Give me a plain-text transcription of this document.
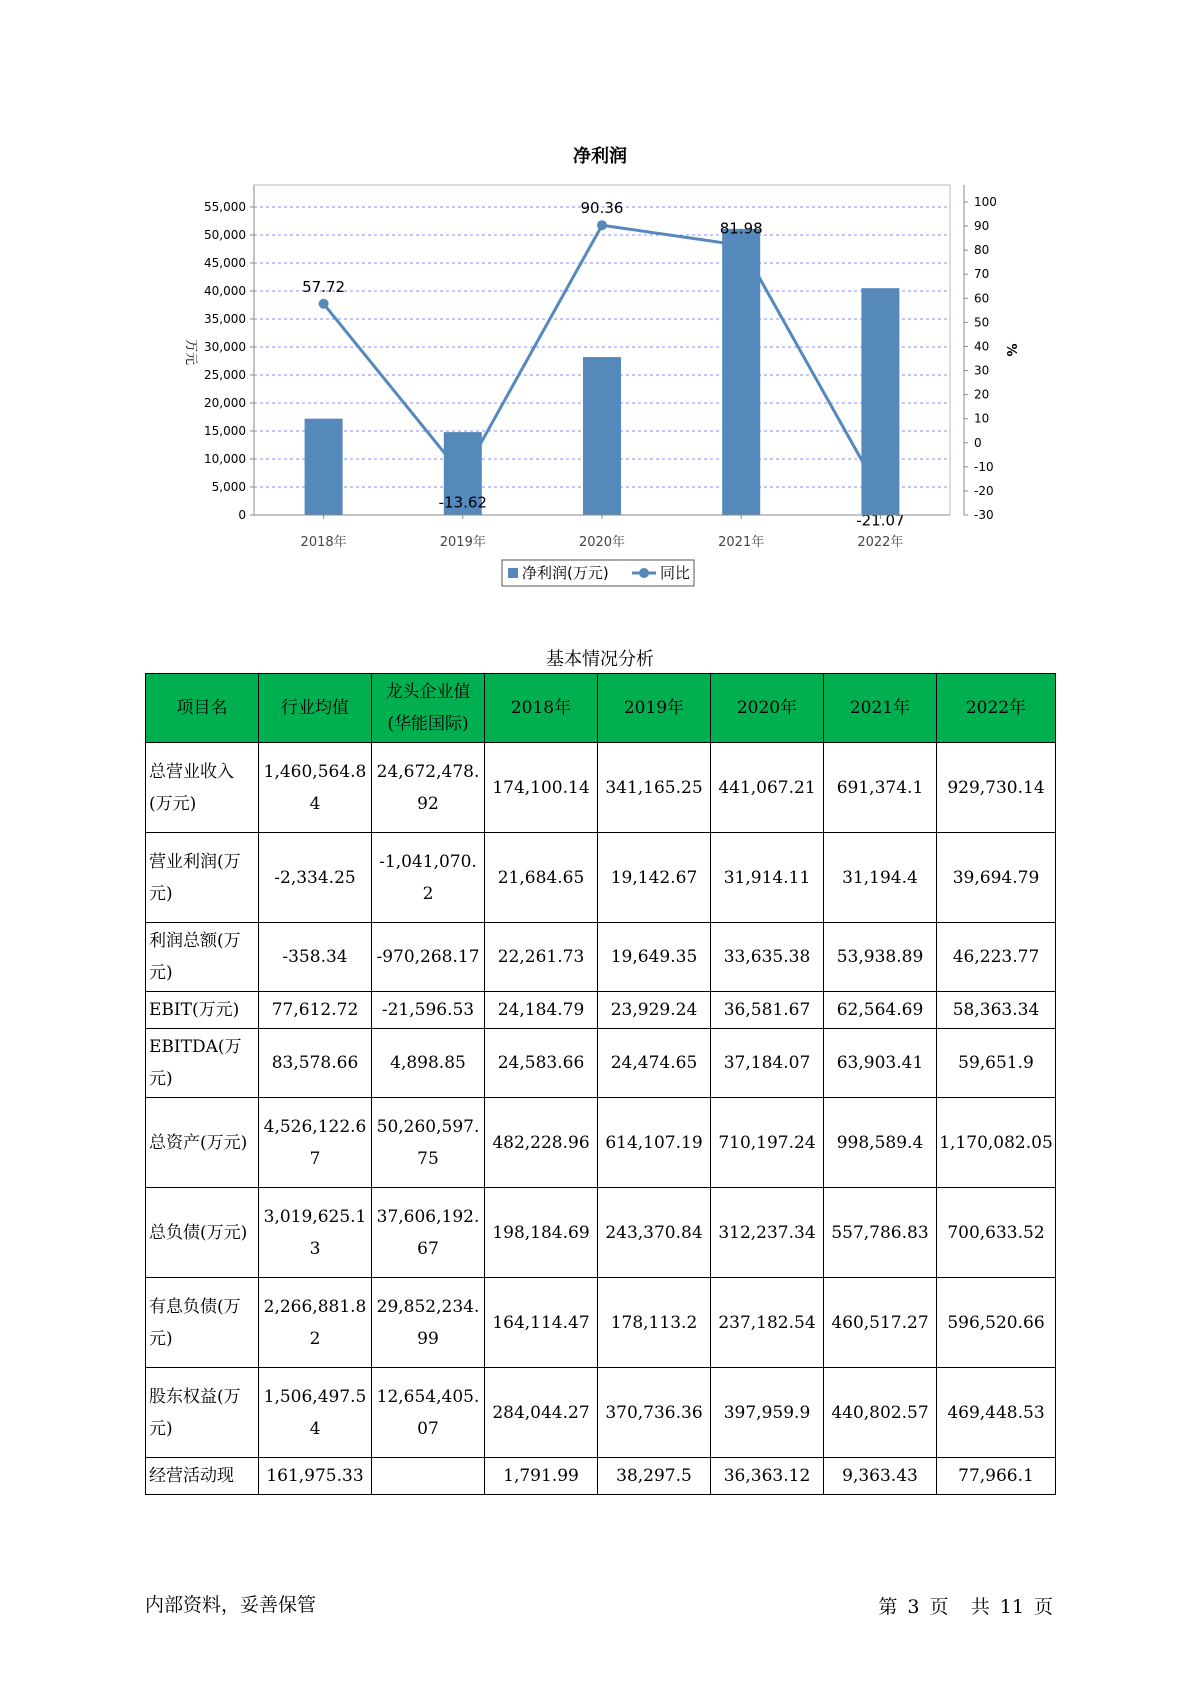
净利润
57.72
-13.62
90.36
81.98
-21.07
0
5,000
10,000
15,000
20,000
25,000
30,000
35,000
40,000
45,000
50,000
55,000
-30
-20
-10
0
10
20
30
40
50
60
70
80
90
100
2018年	2019年	2020年	2021年	2022年
万元	%
净利润(万元)	同比
基本情况分析
项目名	行业均值	龙头企业值(华能国际)	2018年	2019年	2020年	2021年	2022年
总营业收入(万元)	1,460,564.84	24,672,478.92	174,100.14	341,165.25	441,067.21	691,374.1	929,730.14
营业利润(万元)	-2,334.25	-1,041,070.2	21,684.65	19,142.67	31,914.11	31,194.4	39,694.79
利润总额(万元)	-358.34	-970,268.17	22,261.73	19,649.35	33,635.38	53,938.89	46,223.77
EBIT(万元)	77,612.72	-21,596.53	24,184.79	23,929.24	36,581.67	62,564.69	58,363.34
EBITDA(万元)	83,578.66	4,898.85	24,583.66	24,474.65	37,184.07	63,903.41	59,651.9
总资产(万元)	4,526,122.67	50,260,597.75	482,228.96	614,107.19	710,197.24	998,589.4	1,170,082.05
总负债(万元)	3,019,625.13	37,606,192.67	198,184.69	243,370.84	312,237.34	557,786.83	700,633.52
有息负债(万元)	2,266,881.82	29,852,234.99	164,114.47	178,113.2	237,182.54	460,517.27	596,520.66
股东权益(万元)	1,506,497.54	12,654,405.07	284,044.27	370,736.36	397,959.9	440,802.57	469,448.53
经营活动现	161,975.33		1,791.99	38,297.5	36,363.12	9,363.43	77,966.1
内部资料，妥善保管	第 3 页 共 11 页
